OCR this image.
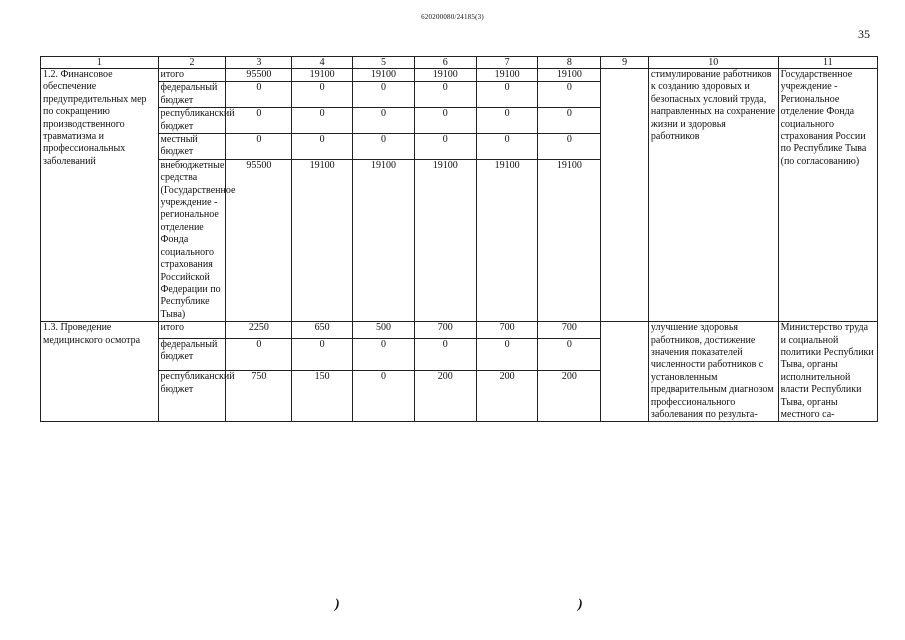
620200080/24185(3)
35
1	2	3	4	5	6	7	8	9	10	11
1.2. Финансовое обеспечение предупредительных мер по сокращению производственного травматизма и профессиональных заболеваний	итого	95500	19100	19100	19100	19100	19100		стимулирование работников к созданию здоровых и безопасных условий труда, направленных на сохранение жизни и здоровья работников	Государственное учреждение - Региональное отделение Фонда социального страхования России по Республике Тыва (по согласованию)
	федеральный бюджет	0	0	0	0	0	0			
	республиканский бюджет	0	0	0	0	0	0			
	местный бюджет	0	0	0	0	0	0			
	внебюджетные средства (Государственное учреждение - региональное отделение Фонда социального страхования Российской Федерации по Республике Тыва)	95500	19100	19100	19100	19100	19100			
1.3. Проведение медицинского осмотра	итого	2250	650	500	700	700	700		улучшение здоровья работников, достижение значения показателей численности работников с установленным предварительным диагнозом профессионального заболевания по результа-	Министерство труда и социальной политики Республики Тыва, органы исполнительной власти Республики Тыва, органы местного са-
	федеральный бюджет	0	0	0	0	0	0			
	республиканский бюджет	750	150	0	200	200	200			
)	)
